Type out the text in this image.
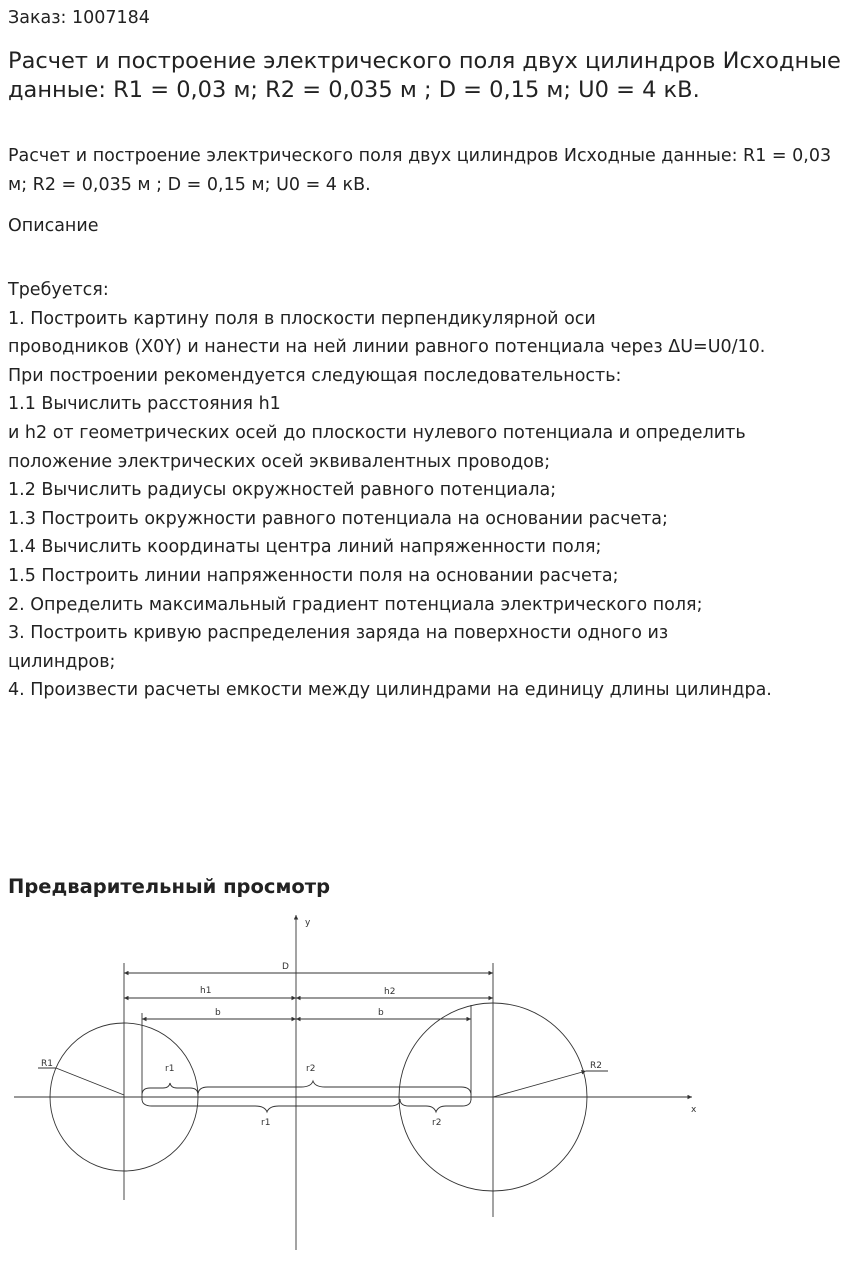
Заказ: 1007184

Расчет и построение электрического поля двух цилиндров Исходные данные: R1 = 0,03 м; R2 = 0,035 м ; D = 0,15 м; U0 = 4 кВ.

Расчет и построение электрического поля двух цилиндров Исходные данные: R1 = 0,03 м; R2 = 0,035 м ; D = 0,15 м; U0 = 4 кВ.

Описание

Требуется:
1. Построить картину поля в плоскости перпендикулярной оси
проводников (X0Y) и нанести на ней линии равного потенциала через ΔU=U0/10.
При построении рекомендуется следующая последовательность:
1.1 Вычислить расстояния h1
и h2 от геометрических осей до плоскости нулевого потенциала и определить
положение электрических осей эквивалентных проводов;
1.2 Вычислить радиусы окружностей равного потенциала;
1.3 Построить окружности равного потенциала на основании расчета;
1.4 Вычислить координаты центра линий напряженности поля;
1.5 Построить линии напряженности поля на основании расчета;
2. Определить максимальный градиент потенциала электрического поля;
3. Построить кривую распределения заряда на поверхности одного из
цилиндров;
4. Произвести расчеты емкости между цилиндрами на единицу длины цилиндра.
Предварительный просмотр
y
x
D
h1	h2
b	b
R1	R2
r1	r2
r1	r2
